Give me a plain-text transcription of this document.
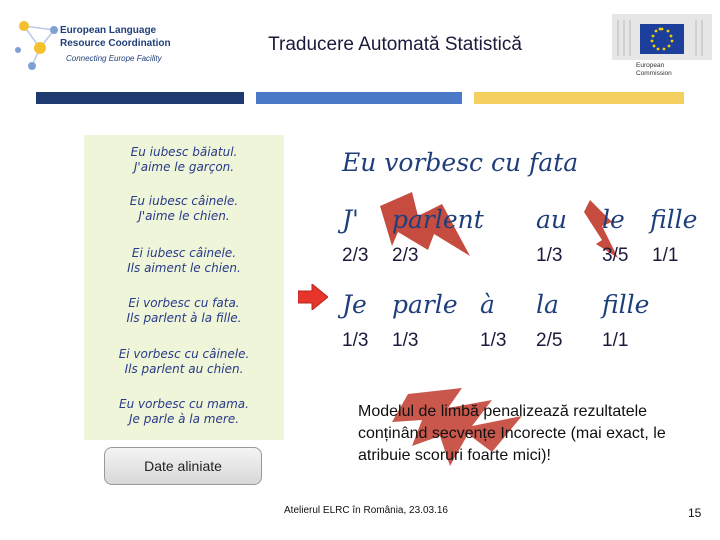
European Language
Resource Coordination
Connecting Europe Facility
Traducere Automată Statistică
European
Commission
Eu iubesc băiatul.
J'aime le garçon.
Eu iubesc câinele.
J'aime le chien.
Ei iubesc câinele.
Ils aiment le chien.
Ei vorbesc cu fata.
Ils parlent à la fille.
Ei vorbesc cu câinele.
Ils parlent au chien.
Eu vorbesc cu mama.
Je parle à la mere.
Date aliniate
Eu vorbesc cu fata
J' parlent au le fille
2/3 2/3	1/3 3/5 1/1
Je parle à la fille
1/3 1/3	1/3 2/5 1/1
Modelul de limbă penalizează rezultatele conținând secvențe Incorecte (mai exact, le atribuie scoruri foarte mici)!
Atelierul ELRC în România, 23.03.16	15
